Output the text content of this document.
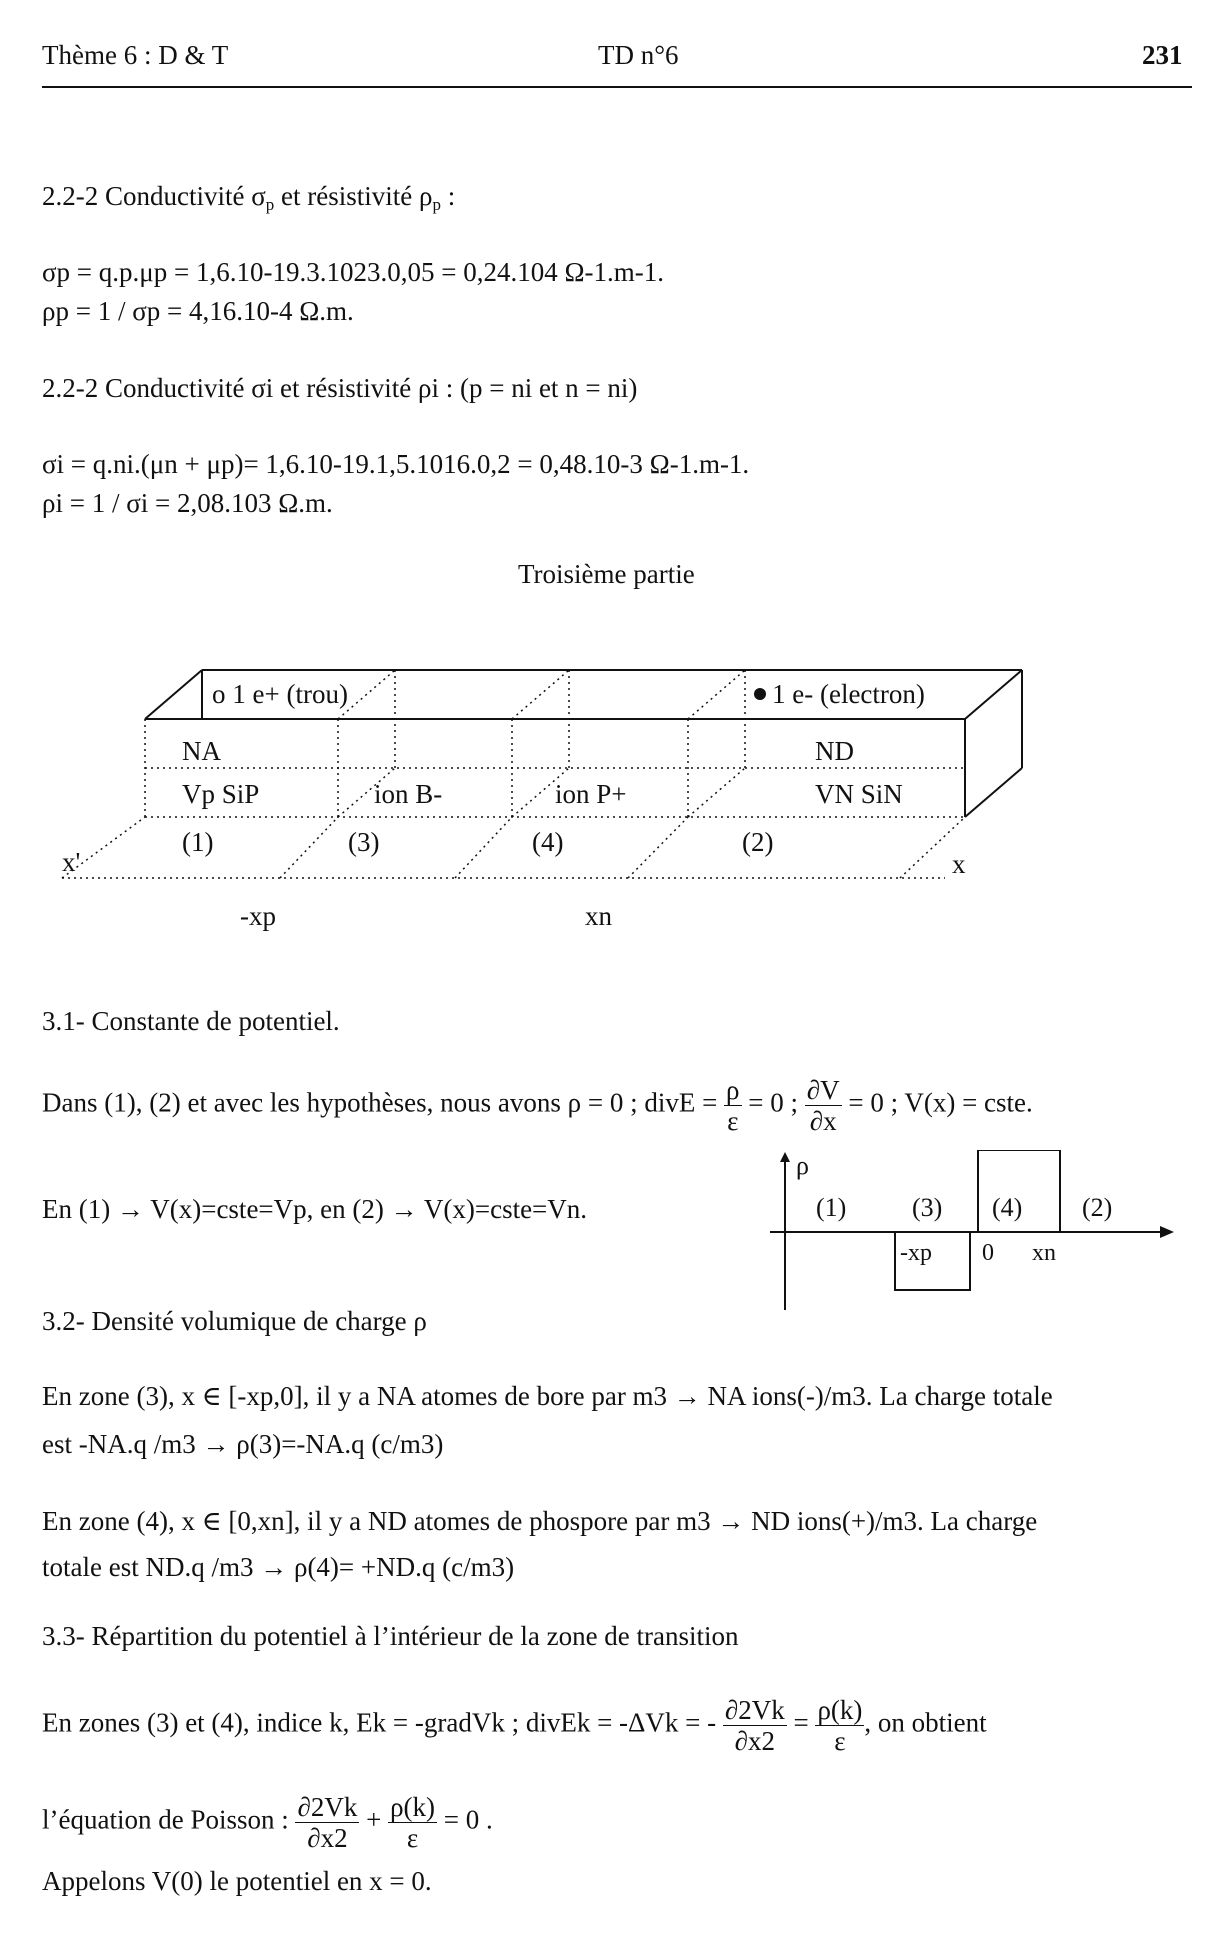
Thème 6 : D & T	TD n°6	231
2.2-2 Conductivité $\sigma_p$ et résistivité $\rho_p$ :
σp = q.p.μp = 1,6.10-19.3.1023.0,05 = 0,24.104 Ω-1.m-1.
ρp = 1 / σp = 4,16.10-4 Ω.m.
2.2-2 Conductivité σi et résistivité ρi : (p = ni et n = ni)
σi = q.ni.(μn + μp)= 1,6.10-19.1,5.1016.0,2 = 0,48.10-3 Ω-1.m-1.
ρi = 1 / σi = 2,08.103 Ω.m.
Troisième partie
o 1 e+ (trou)	1 e- (electron)
NA	ND
Vp SiP	VN SiN
ion B-	ion P+
(1)	(3)	(4)	(2)
x'	x
-xp	xn
3.1- Constante de potentiel.
Dans (1), (2) et avec les hypothèses, nous avons ρ = 0 ; divE = $\frac{\rho}{\varepsilon} = 0$ ; $\frac{\partial V}{\partial x} = 0$ ; V(x) = cste.
En (1) → V(x)=cste=Vp, en (2) → V(x)=cste=Vn.
ρ
(1)	(3) (4) (2)
-xp 0 xn
3.2- Densité volumique de charge ρ
En zone (3), x ∈ [-xp,0], il y a NA atomes de bore par m3 → NA ions(-)/m3. La charge totale
est -NA.q /m3 → ρ(3)=-NA.q (c/m3)
En zone (4), x ∈ [0,xn], il y a ND atomes de phospore par m3 → ND ions(+)/m3. La charge
totale est ND.q /m3 → ρ(4)= +ND.q (c/m3)
3.3- Répartition du potentiel à l’intérieur de la zone de transition
En zones (3) et (4), indice k, Ek = -gradVk ; divEk = -ΔVk = - $\frac{\partial 2Vk}{\partial x2} = \frac{\rho(k)}{\varepsilon}$ , on obtient
l’équation de Poisson : $\frac{\partial 2Vk}{\partial x2} + \frac{\rho(k)}{\varepsilon} = 0$ .
Appelons V(0) le potentiel en x = 0.
